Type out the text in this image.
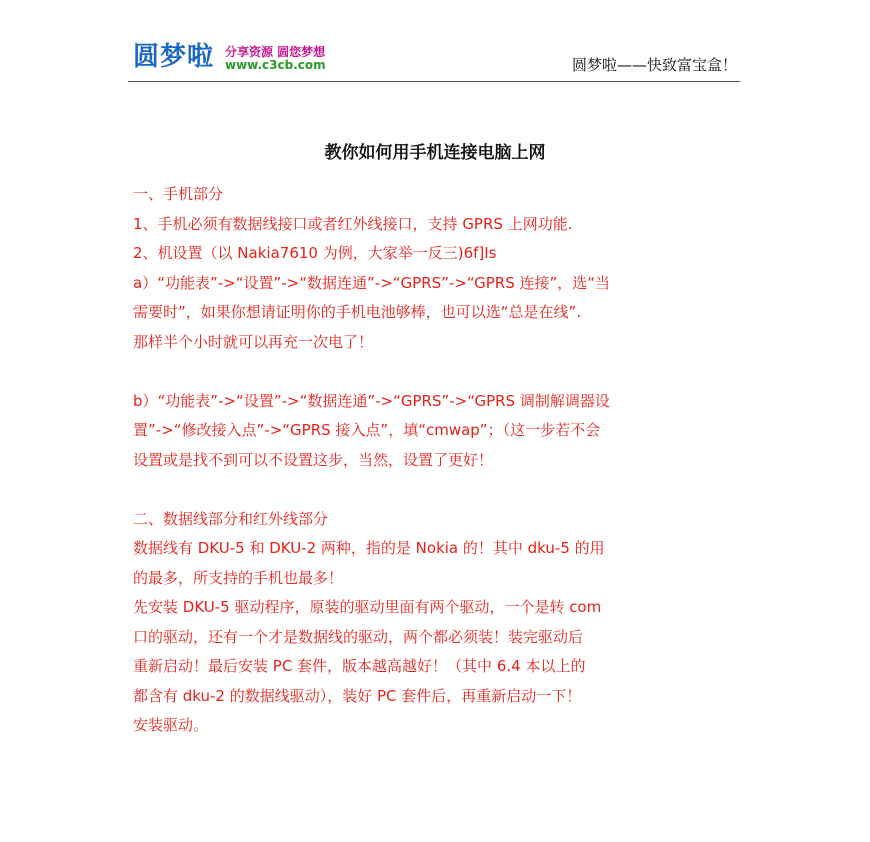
圆梦啦 分享资源 圆您梦想
www.c3cb.com	圆梦啦——快致富宝盒！
教你如何用手机连接电脑上网

一、手机部分

1、手机必须有数据线接口或者红外线接口，支持 GPRS 上网功能.

2、机设置（以 Nakia7610 为例，大家举一反三)6f]Is

a）“功能表”->“设置”->“数据连通”->“GPRS”->“GPRS 连接”，选“当

需要时”，如果你想请证明你的手机电池够棒，也可以选“总是在线”.

那样半个小时就可以再充一次电了！

b）“功能表”->“设置”->“数据连通”->“GPRS”->“GPRS 调制解调器设

置”->“修改接入点”->“GPRS 接入点”，填“cmwap”；（这一步若不会

设置或是找不到可以不设置这步，当然，设置了更好！

二、数据线部分和红外线部分

数据线有 DKU-5 和 DKU-2 两种，指的是 Nokia 的！其中 dku-5 的用

的最多，所支持的手机也最多！

先安装 DKU-5 驱动程序，原装的驱动里面有两个驱动，一个是转 com

口的驱动，还有一个才是数据线的驱动，两个都必须装！装完驱动后

重新启动！最后安装 PC 套件，版本越高越好！（其中 6.4 本以上的

都含有 dku-2 的数据线驱动），装好 PC 套件后，再重新启动一下！

安装驱动。
